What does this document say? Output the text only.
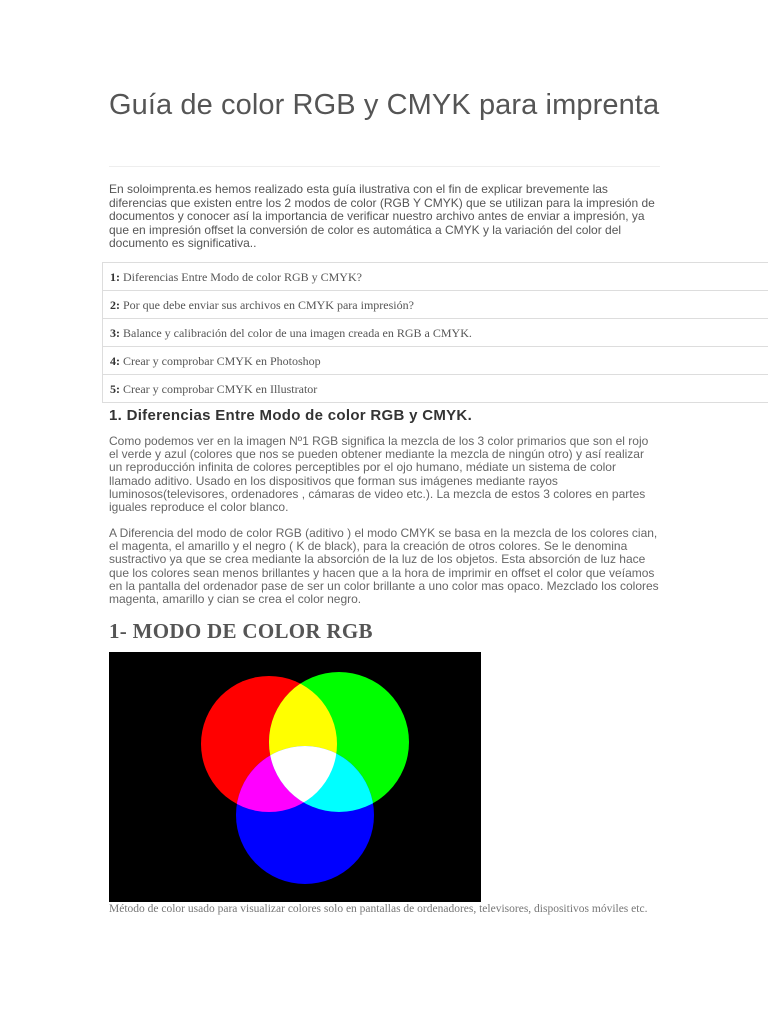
Guía de color RGB y CMYK para imprenta

En soloimprenta.es hemos realizado esta guía ilustrativa con el fin de explicar brevemente las diferencias que existen entre los 2 modos de color (RGB Y CMYK) que se utilizan para la impresión de documentos y conocer así la importancia de verificar nuestro archivo antes de enviar a impresión, ya que en impresión offset la conversión de color es automática a CMYK y la variación del color del documento es significativa..

1: Diferencias Entre Modo de color RGB y CMYK?
2: Por que debe enviar sus archivos en CMYK para impresión?
3: Balance y calibración del color de una imagen creada en RGB a CMYK.
4: Crear y comprobar CMYK en Photoshop
5: Crear y comprobar CMYK en Illustrator
1. Diferencias Entre Modo de color RGB y CMYK.

Como podemos ver en la imagen Nº1 RGB significa la mezcla de los 3 color primarios que son el rojo el verde y azul (colores que nos se pueden obtener mediante la mezcla de ningún otro) y así realizar un reproducción infinita de colores perceptibles por el ojo humano, médiate un sistema de color llamado aditivo. Usado en los dispositivos que forman sus imágenes mediante rayos luminosos(televisores, ordenadores , cámaras de video etc.). La mezcla de estos 3 colores en partes iguales reproduce el color blanco.

A Diferencia del modo de color RGB (aditivo ) el modo CMYK se basa en la mezcla de los colores cian, el magenta, el amarillo y el negro ( K de black), para la creación de otros colores. Se le denomina sustractivo ya que se crea mediante la absorción de la luz de los objetos. Esta absorción de luz hace que los colores sean menos brillantes y hacen que a la hora de imprimir en offset el color que veíamos en la pantalla del ordenador pase de ser un color brillante a uno color mas opaco. Mezclado los colores magenta, amarillo y cian se crea el color negro.

1- MODO DE COLOR RGB

Método de color usado para visualizar colores solo en pantallas de ordenadores, televisores, dispositivos móviles etc.
